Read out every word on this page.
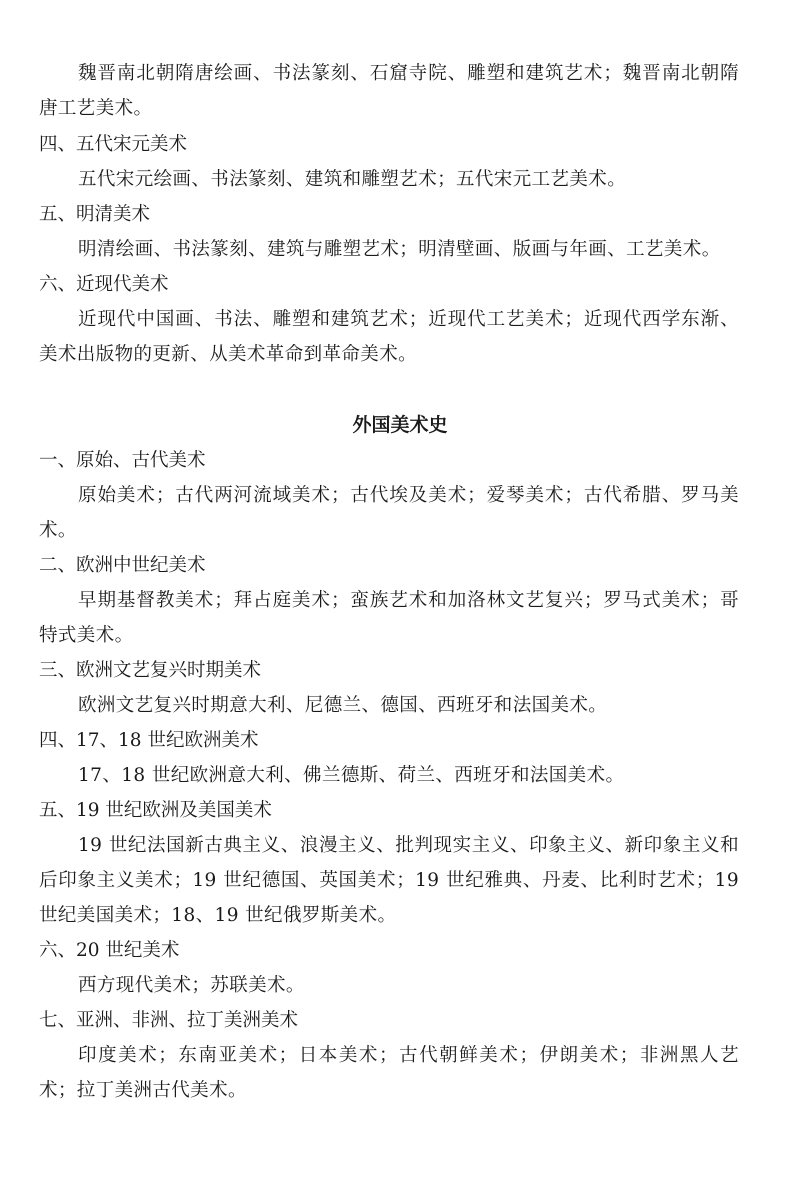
魏晋南北朝隋唐绘画、书法篆刻、石窟寺院、雕塑和建筑艺术；魏晋南北朝隋唐工艺美术。
四、五代宋元美术
五代宋元绘画、书法篆刻、建筑和雕塑艺术；五代宋元工艺美术。
五、明清美术
明清绘画、书法篆刻、建筑与雕塑艺术；明清壁画、版画与年画、工艺美术。
六、近现代美术
近现代中国画、书法、雕塑和建筑艺术；近现代工艺美术；近现代西学东渐、美术出版物的更新、从美术革命到革命美术。
外国美术史
一、原始、古代美术
原始美术；古代两河流域美术；古代埃及美术；爱琴美术；古代希腊、罗马美术。
二、欧洲中世纪美术
早期基督教美术；拜占庭美术；蛮族艺术和加洛林文艺复兴；罗马式美术；哥特式美术。
三、欧洲文艺复兴时期美术
欧洲文艺复兴时期意大利、尼德兰、德国、西班牙和法国美术。
四、17、18 世纪欧洲美术
17、18 世纪欧洲意大利、佛兰德斯、荷兰、西班牙和法国美术。
五、19 世纪欧洲及美国美术
19 世纪法国新古典主义、浪漫主义、批判现实主义、印象主义、新印象主义和后印象主义美术；19 世纪德国、英国美术；19 世纪雅典、丹麦、比利时艺术；19 世纪美国美术；18、19 世纪俄罗斯美术。
六、20 世纪美术
西方现代美术；苏联美术。
七、亚洲、非洲、拉丁美洲美术
印度美术；东南亚美术；日本美术；古代朝鲜美术；伊朗美术；非洲黑人艺术；拉丁美洲古代美术。
